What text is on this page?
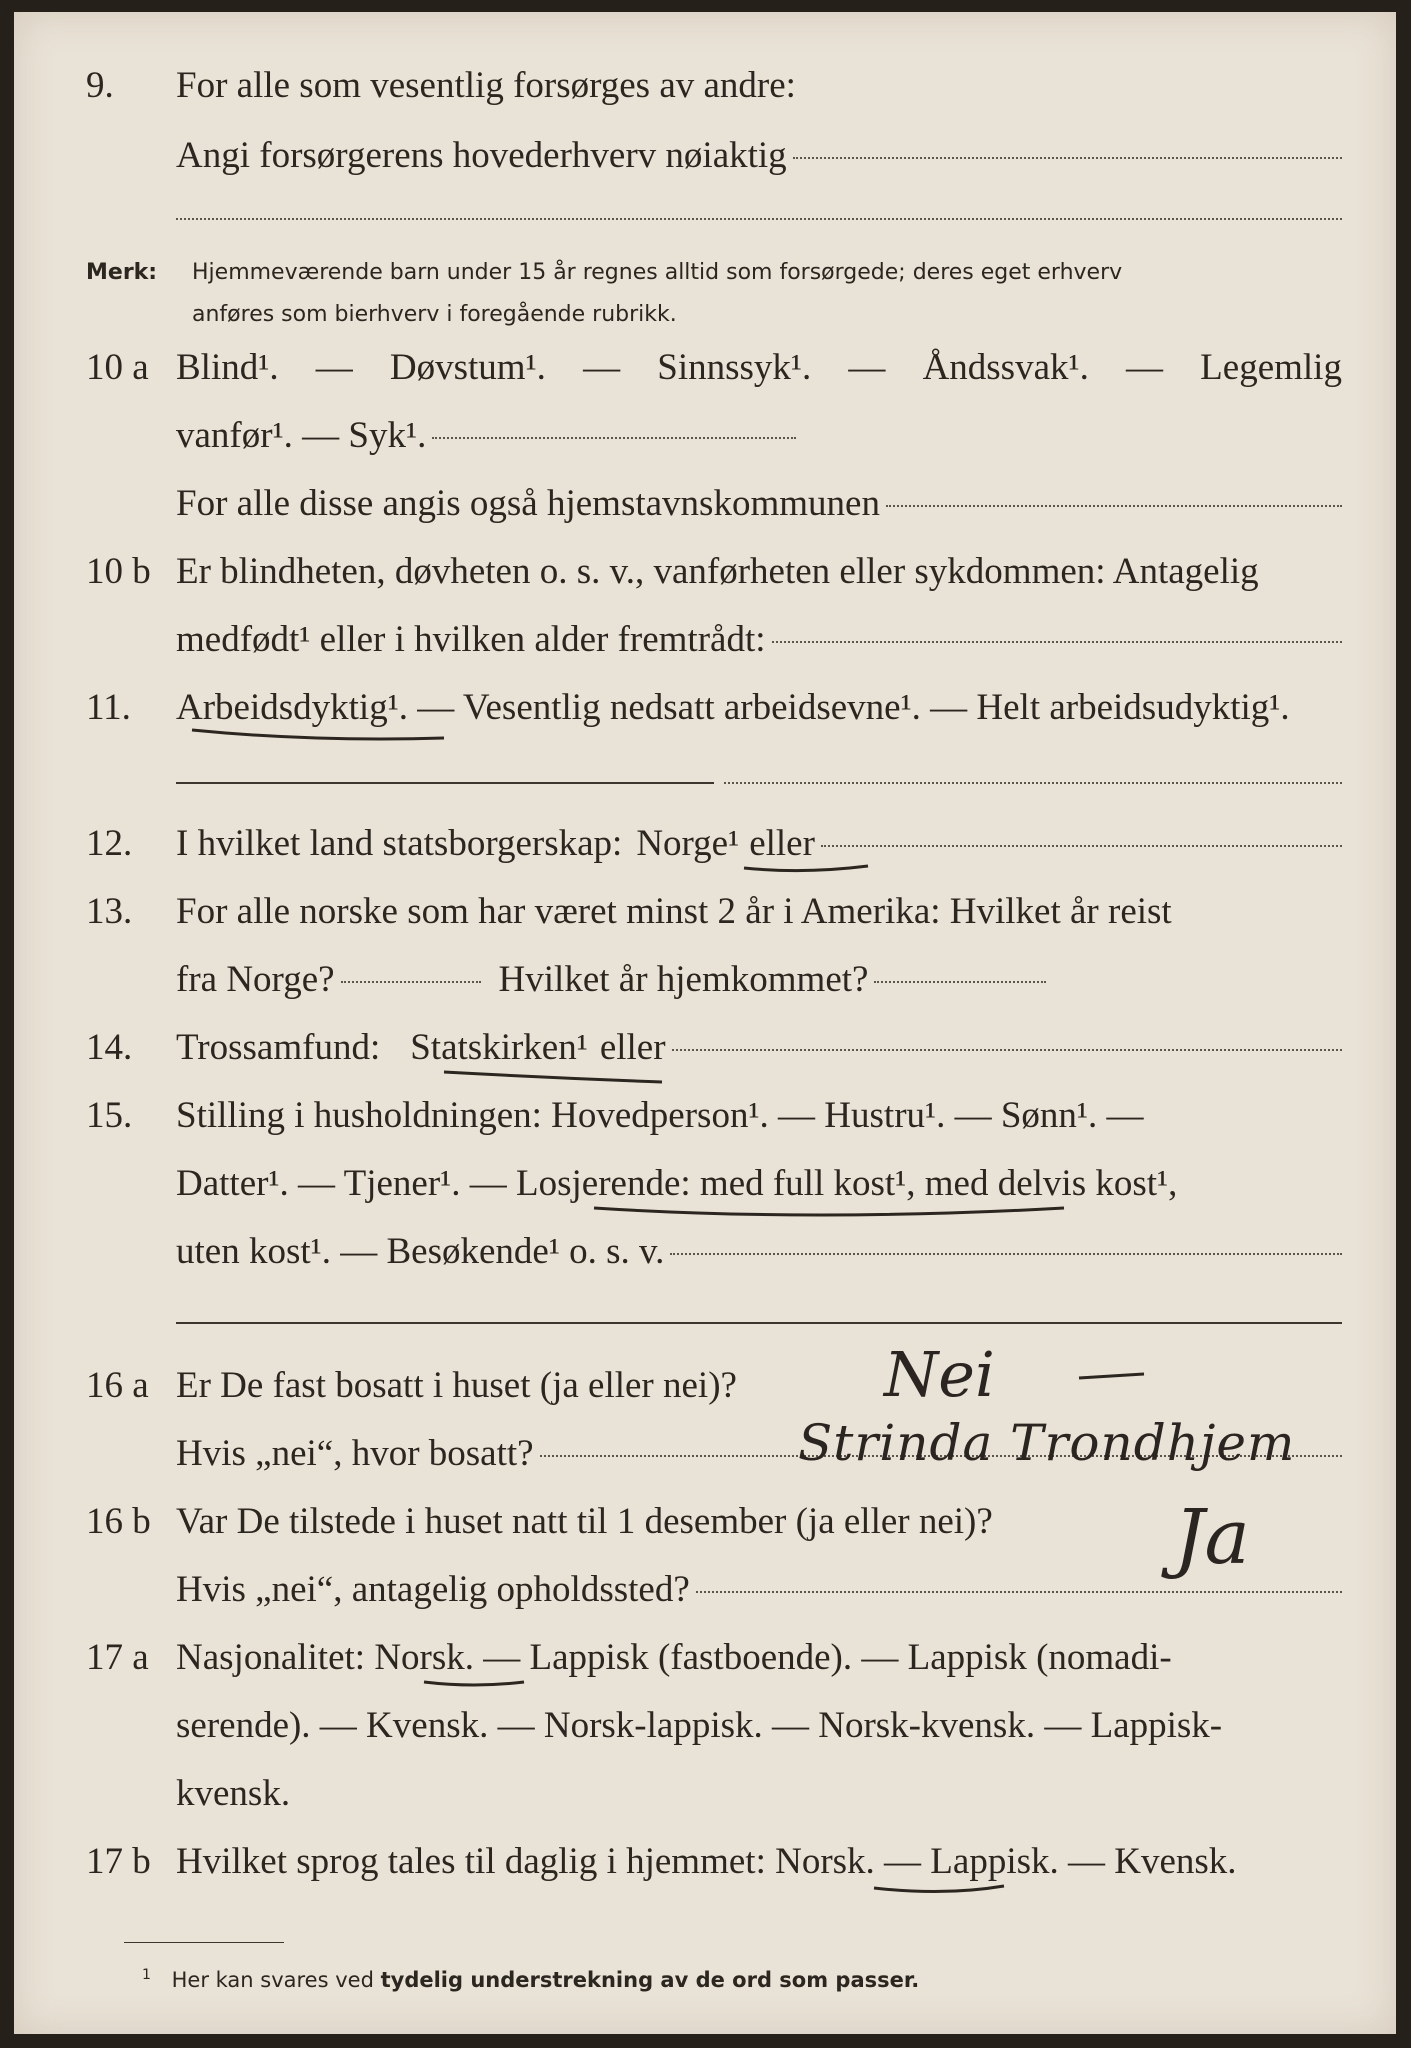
9. For alle som vesentlig forsørges av andre:
Angi forsørgerens hovederhverv nøiaktig
Merk: Hjemmeværende barn under 15 år regnes alltid som forsørgede; deres eget erhverv
anføres som bierhverv i foregående rubrikk.
10 a Blind¹. — Døvstum¹. — Sinnssyk¹. — Åndssvak¹. — Legemlig
vanfør¹. — Syk¹.
For alle disse angis også hjemstavnskommunen
10 b Er blindheten, døvheten o. s. v., vanførheten eller sykdommen: Antagelig
medfødt¹ eller i hvilken alder fremtrådt:
11. Arbeidsdyktig¹. — Vesentlig nedsatt arbeidsevne¹. — Helt arbeidsudyktig¹.
12. I hvilket land statsborgerskap: Norge¹ eller
13. For alle norske som har været minst 2 år i Amerika: Hvilket år reist
fra Norge?	Hvilket år hjemkommet?
14. Trossamfund: Statskirken¹ eller
15. Stilling i husholdningen: Hovedperson¹. — Hustru¹. — Sønn¹. —
Datter¹. — Tjener¹. — Losjerende: med full kost¹, med delvis kost¹,
uten kost¹. — Besøkende¹ o. s. v.
16 a Er De fast bosatt i huset (ja eller nei)?
Hvis „nei“, hvor bosatt?
16 b Var De tilstede i huset natt til 1 desember (ja eller nei)?
Hvis „nei“, antagelig opholdssted?
17 a Nasjonalitet: Norsk. — Lappisk (fastboende). — Lappisk (nomadi-
serende). — Kvensk. — Norsk-lappisk. — Norsk-kvensk. — Lappisk-
kvensk.
17 b Hvilket sprog tales til daglig i hjemmet: Norsk. — Lappisk. — Kvensk.
$^1$ Her kan svares ved tydelig understrekning av de ord som passer.
Nei
Strinda Trondhjem
Ja
